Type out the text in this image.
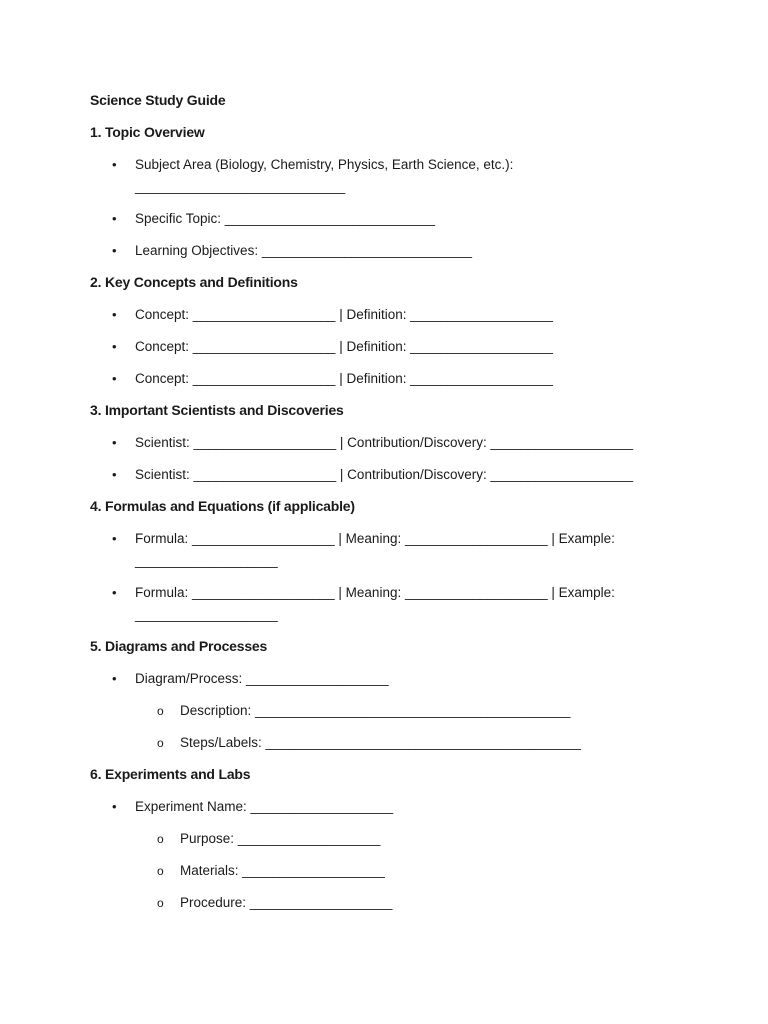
Science Study Guide

1. Topic Overview

• Subject Area (Biology, Chemistry, Physics, Earth Science, etc.): ____________________________
• Specific Topic: ____________________________
• Learning Objectives: ____________________________

2. Key Concepts and Definitions

• Concept: ___________________ | Definition: ___________________
• Concept: ___________________ | Definition: ___________________
• Concept: ___________________ | Definition: ___________________

3. Important Scientists and Discoveries

• Scientist: ___________________ | Contribution/Discovery: ___________________
• Scientist: ___________________ | Contribution/Discovery: ___________________

4. Formulas and Equations (if applicable)

• Formula: ___________________ | Meaning: ___________________ | Example: ___________________
• Formula: ___________________ | Meaning: ___________________ | Example: ___________________

5. Diagrams and Processes

• Diagram/Process: ___________________
o Description: __________________________________________
o Steps/Labels: __________________________________________

6. Experiments and Labs

• Experiment Name: ___________________
o Purpose: ___________________
o Materials: ___________________
o Procedure: ___________________
